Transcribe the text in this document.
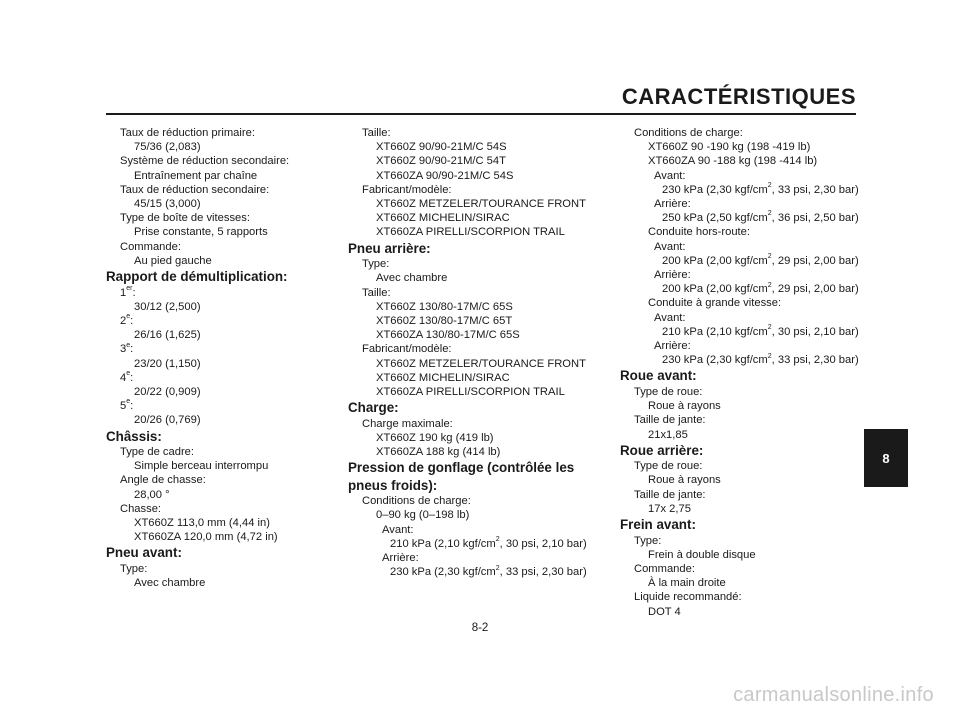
CARACTÉRISTIQUES

Taux de réduction primaire:

75/36 (2,083)

Système de réduction secondaire:

Entraînement par chaîne

Taux de réduction secondaire:

45/15 (3,000)

Type de boîte de vitesses:

Prise constante, 5 rapports

Commande:

Au pied gauche

Rapport de démultiplication:

1er:

30/12 (2,500)

2e:

26/16 (1,625)

3e:

23/20 (1,150)

4e:

20/22 (0,909)

5e:

20/26 (0,769)

Châssis:

Type de cadre:

Simple berceau interrompu

Angle de chasse:

28,00 °

Chasse:

XT660Z 113,0 mm (4,44 in)

XT660ZA 120,0 mm (4,72 in)

Pneu avant:

Type:

Avec chambre

Taille:

XT660Z 90/90-21M/C 54S

XT660Z 90/90-21M/C 54T

XT660ZA 90/90-21M/C 54S

Fabricant/modèle:

XT660Z METZELER/TOURANCE FRONT

XT660Z MICHELIN/SIRAC

XT660ZA PIRELLI/SCORPION TRAIL

Pneu arrière:

Type:

Avec chambre

Taille:

XT660Z 130/80-17M/C 65S

XT660Z 130/80-17M/C 65T

XT660ZA 130/80-17M/C 65S

Fabricant/modèle:

XT660Z METZELER/TOURANCE FRONT

XT660Z MICHELIN/SIRAC

XT660ZA PIRELLI/SCORPION TRAIL

Charge:

Charge maximale:

XT660Z 190 kg (419 lb)

XT660ZA 188 kg (414 lb)

Pression de gonflage (contrôlée les

pneus froids):

Conditions de charge:

0–90 kg (0–198 lb)

Avant:

210 kPa (2,10 kgf/$cm^2$, 30 psi, 2,10 bar)

Arrière:

230 kPa (2,30 kgf/$cm^2$, 33 psi, 2,30 bar)

Conditions de charge:

XT660Z 90 -190 kg (198 -419 lb)

XT660ZA 90 -188 kg (198 -414 lb)

Avant:

230 kPa (2,30 kgf/$cm^2$, 33 psi, 2,30 bar)

Arrière:

250 kPa (2,50 kgf/$cm^2$, 36 psi, 2,50 bar)

Conduite hors-route:

Avant:

200 kPa (2,00 kgf/$cm^2$, 29 psi, 2,00 bar)

Arrière:

200 kPa (2,00 kgf/$cm^2$, 29 psi, 2,00 bar)

Conduite à grande vitesse:

Avant:

210 kPa (2,10 kgf/$cm^2$, 30 psi, 2,10 bar)

Arrière:

230 kPa (2,30 kgf/$cm^2$, 33 psi, 2,30 bar)

Roue avant:

Type de roue:

Roue à rayons

Taille de jante:

21x1,85

Roue arrière:

Type de roue:

Roue à rayons

Taille de jante:

17x 2,75

Frein avant:

Type:

Frein à double disque

Commande:

À la main droite

Liquide recommandé:

DOT 4

8-2
8
carmanualsonline.info
